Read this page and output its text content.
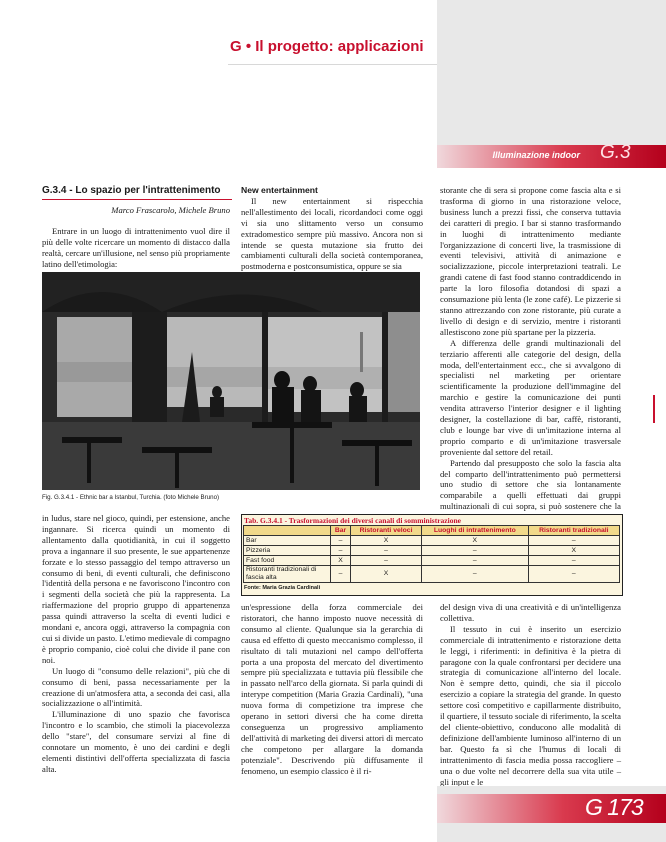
G • Il progetto: applicazioni
Illuminazione indoor G.3
G.3.4 - Lo spazio per l'intrattenimento
Marco Frascarolo, Michele Bruno

Entrare in un luogo di intrattenimento vuol dire il più delle volte ricercare un momento di distacco dalla realtà, cercare un'illusione, nel senso più propriamente latino dell'etimologia:

New entertainment

Il new entertainment si rispecchia nell'allestimento dei locali, ricordandoci come oggi vi sia uno slittamento verso un consumo extradomestico sempre più massivo. Ancora non si intende se questa mutazione sia frutto dei cambiamenti culturali della società contemporanea, postmoderna e postconsumistica, oppure se sia

storante che di sera si propone come fascia alta e si trasforma di giorno in una ristorazione veloce, business lunch a prezzi fissi, che conserva tuttavia dei caratteri di pregio. I bar si stanno trasformando in luoghi di intrattenimento mediante l'organizzazione di concerti live, la trasmissione di eventi televisivi, attività di animazione e socializzazione, piccole interpretazioni teatrali. Le grandi catene di fast food stanno contraddicendo in parte la loro filosofia dotandosi di spazi a consumazione più lenta (le zone café). Le pizzerie si stanno attrezzando con zone ristorante, più curate a livello di design e di servizio, mentre i ristoranti allestiscono zone più spartane per la pizzeria.

A differenza delle grandi multinazionali del terziario afferenti alle categorie del design, della moda, dell'entertainment ecc., che si avvalgono di specialisti nel marketing per orientare scientificamente la produzione dell'immagine del marchio e gestire la comunicazione dei punti vendita attraverso l'interior designer e il lighting designer, la costellazione di bar, caffè, ristoranti, club e lounge bar vive di un'imitazione interna al proprio comparto e di un'imitazione trasversale proveniente dal settore del retail.

Partendo dal presupposto che solo la fascia alta del comparto dell'intrattenimento può permettersi uno studio di settore che sia lontanamente comparabile a quelli effettuati dai gruppi multinazionali di cui sopra, si può sostenere che la

Fig. G.3.4.1 - Ethnic bar a Istanbul, Turchia. (foto Michele Bruno)

in ludus, stare nel gioco, quindi, per estensione, anche ingannare. Si ricerca quindi un momento di allentamento dalla quotidianità, in cui il soggetto prova a ingannare il suo presente, le sue appartenenze forzate e lo stesso passaggio del tempo attraverso un consumo di beni, di eventi culturali, che definiscono l'identità della persona e ne favoriscono l'incontro con i segmenti della società che più la rappresenta. La riaffermazione del proprio gruppo di appartenenza passa quindi attraverso la scelta di eventi ludici e mondani e, ancora oggi, attraverso la compagnia con cui si divide un pasto. L'etimo medievale di compagno è proprio companio, cioè colui che divide il pane con noi.

Un luogo di "consumo delle relazioni", più che di consumo di beni, passa necessariamente per la creazione di un'atmosfera atta, a seconda dei casi, alla socializzazione o all'intimità.

L'illuminazione di uno spazio che favorisca l'incontro e lo scambio, che stimoli la piacevolezza dello "stare", del consumare servizi al fine di connotare un momento, è uno dei cardini e degli elementi distintivi dell'offerta specializzata di fascia alta.

Tab. G.3.4.1 - Trasformazioni dei diversi canali di somministrazione
	Bar	Ristoranti veloci	Luoghi di intrattenimento	Ristoranti tradizionali
Bar	–	X	X	–
Pizzeria	–	–	–	X
Fast food	X	–	–	–
Ristoranti tradizionali di fascia alta	–	X	–	–
Fonte: Maria Grazia Cardinali

un'espressione della forza commerciale dei ristoratori, che hanno imposto nuove necessità di consumo al cliente. Qualunque sia la gerarchia di causa ed effetto di questo meccanismo complesso, il risultato di tali mutazioni nel campo dell'offerta porta a una proposta del mercato del divertimento sempre più specializzata e tuttavia più flessibile che in passato nell'arco della giornata. Si parla quindi di interype competition (Maria Grazia Cardinali), "una nuova forma di competizione tra imprese che operano in settori diversi che ha come diretta conseguenza un progressivo ampliamento dell'attività di marketing dei diversi attori di mercato che competono per allargare la domanda potenziale". Descrivendo più diffusamente il fenomeno, un esempio classico è il ri-

del design viva di una creatività e di un'intelligenza collettiva.

Il tessuto in cui è inserito un esercizio commerciale di intrattenimento e ristorazione detta le leggi, i riferimenti: in definitiva è la pietra di paragone con la quale confrontarsi per decidere una strategia di comunicazione all'interno del locale. Non è sempre detto, quindi, che sia il piccolo esercizio a copiare la strategia del grande. In questo settore così competitivo e capillarmente distribuito, il quartiere, il tessuto sociale di riferimento, la scelta del cliente-obiettivo, conducono alle modalità di definizione dell'ambiente luminoso all'interno di un bar. Questo fa sì che l'humus di locali di intrattenimento di fascia media possa raccogliere – una o due volte nel decorrere della sua vita utile – gli input e le

G 173
